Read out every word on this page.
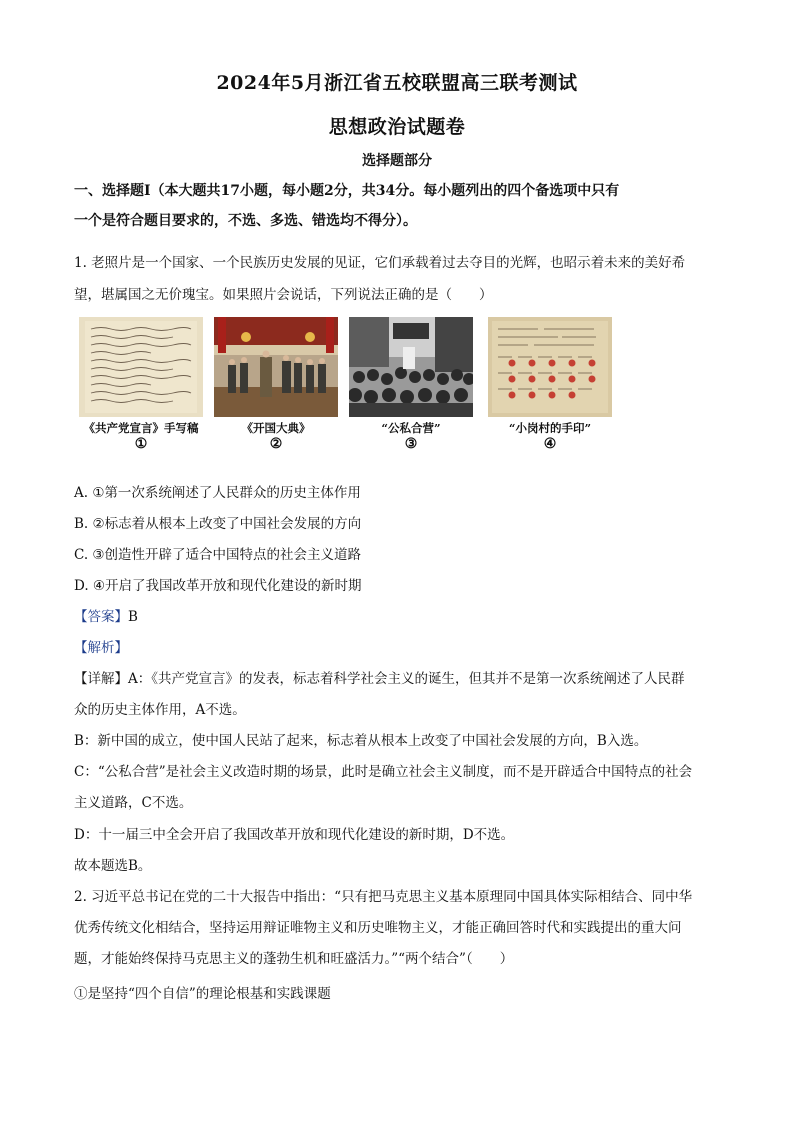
2024年5月浙江省五校联盟高三联考测试
思想政治试题卷
选择题部分
一、选择题Ⅰ（本大题共17小题，每小题2分，共34分。每小题列出的四个备选项中只有
一个是符合题目要求的，不选、多选、错选均不得分）。
1. 老照片是一个国家、一个民族历史发展的见证，它们承载着过去夺目的光辉，也昭示着未来的美好希
望，堪属国之无价瑰宝。如果照片会说话，下列说法正确的是（　　）
《共产党宣言》手写稿
①
《开国大典》
②
“公私合营”
③
“小岗村的手印”
④
A. ①第一次系统阐述了人民群众的历史主体作用
B. ②标志着从根本上改变了中国社会发展的方向
C. ③创造性开辟了适合中国特点的社会主义道路
D. ④开启了我国改革开放和现代化建设的新时期
【答案】B
【解析】
【详解】A：《共产党宣言》的发表，标志着科学社会主义的诞生，但其并不是第一次系统阐述了人民群
众的历史主体作用，A不选。
B：新中国的成立，使中国人民站了起来，标志着从根本上改变了中国社会发展的方向，B入选。
C：“公私合营”是社会主义改造时期的场景，此时是确立社会主义制度，而不是开辟适合中国特点的社会
主义道路，C不选。
D：十一届三中全会开启了我国改革开放和现代化建设的新时期，D不选。
故本题选B。
2. 习近平总书记在党的二十大报告中指出：“只有把马克思主义基本原理同中国具体实际相结合、同中华
优秀传统文化相结合，坚持运用辩证唯物主义和历史唯物主义，才能正确回答时代和实践提出的重大问
题，才能始终保持马克思主义的蓬勃生机和旺盛活力。”“两个结合”（　　）
①是坚持“四个自信”的理论根基和实践课题
